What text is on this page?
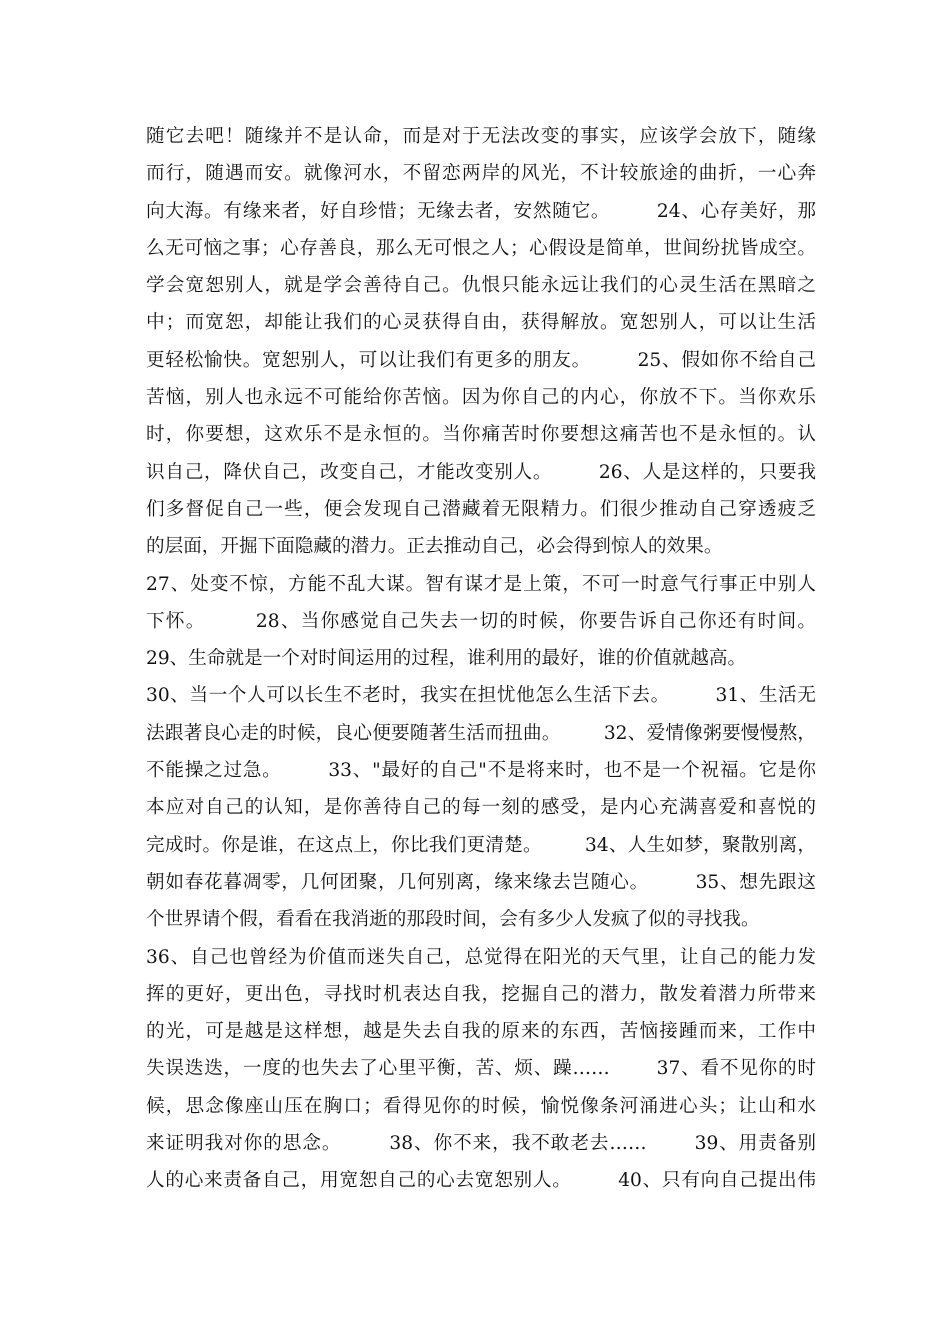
随它去吧！随缘并不是认命，而是对于无法改变的事实，应该学会放下，随缘
而行，随遇而安。就像河水，不留恋两岸的风光，不计较旅途的曲折，一心奔
向大海。有缘来者，好自珍惜；无缘去者，安然随它。       24、心存美好，那
么无可恼之事；心存善良，那么无可恨之人；心假设是简单，世间纷扰皆成空。
学会宽恕别人，就是学会善待自己。仇恨只能永远让我们的心灵生活在黑暗之
中；而宽恕，却能让我们的心灵获得自由，获得解放。宽恕别人，可以让生活
更轻松愉快。宽恕别人，可以让我们有更多的朋友。       25、假如你不给自己
苦恼，别人也永远不可能给你苦恼。因为你自己的内心，你放不下。当你欢乐
时，你要想，这欢乐不是永恒的。当你痛苦时你要想这痛苦也不是永恒的。认
识自己，降伏自己，改变自己，才能改变别人。       26、人是这样的，只要我
们多督促自己一些，便会发现自己潜藏着无限精力。们很少推动自己穿透疲乏
的层面，开掘下面隐藏的潜力。正去推动自己，必会得到惊人的效果。
27、处变不惊，方能不乱大谋。智有谋才是上策，不可一时意气行事正中别人
下怀。       28、当你感觉自己失去一切的时候，你要告诉自己你还有时间。
29、生命就是一个对时间运用的过程，谁利用的最好，谁的价值就越高。
30、当一个人可以长生不老时，我实在担忧他怎么生活下去。       31、生活无
法跟著良心走的时候，良心便要随著生活而扭曲。       32、爱情像粥要慢慢熬，
不能操之过急。       33、"最好的自己"不是将来时，也不是一个祝福。它是你
本应对自己的认知，是你善待自己的每一刻的感受，是内心充满喜爱和喜悦的
完成时。你是谁，在这点上，你比我们更清楚。       34、人生如梦，聚散别离，
朝如春花暮凋零，几何团聚，几何别离，缘来缘去岂随心。       35、想先跟这
个世界请个假，看看在我消逝的那段时间，会有多少人发疯了似的寻找我。
36、自己也曾经为价值而迷失自己，总觉得在阳光的天气里，让自己的能力发
挥的更好，更出色，寻找时机表达自我，挖掘自己的潜力，散发着潜力所带来
的光，可是越是这样想，越是失去自我的原来的东西，苦恼接踵而来，工作中
失误迭迭，一度的也失去了心里平衡，苦、烦、躁……       37、看不见你的时
候，思念像座山压在胸口；看得见你的时候，愉悦像条河涌进心头；让山和水
来证明我对你的思念。       38、你不来，我不敢老去……       39、用责备别
人的心来责备自己，用宽恕自己的心去宽恕别人。       40、只有向自己提出伟
